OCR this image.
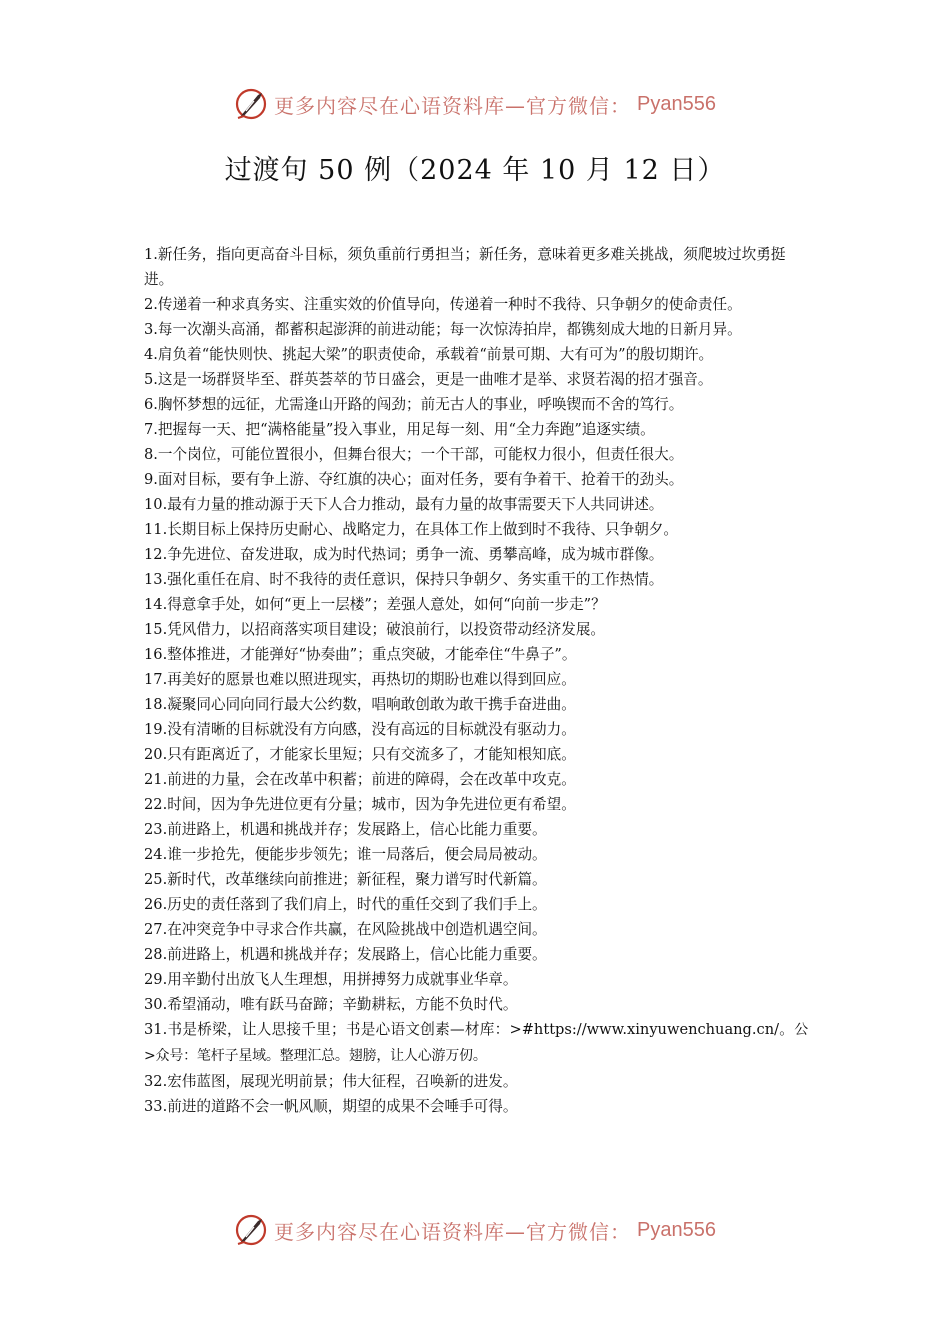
更多内容尽在心语资料库—官方微信： Pyan556
过渡句 50 例（2024 年 10 月 12 日）

1.新任务，指向更高奋斗目标，须负重前行勇担当；新任务，意味着更多难关挑战，须爬坡过坎勇挺进。

2.传递着一种求真务实、注重实效的价值导向，传递着一种时不我待、只争朝夕的使命责任。

3.每一次潮头高涌，都蓄积起澎湃的前进动能；每一次惊涛拍岸，都镌刻成大地的日新月异。

4.肩负着“能快则快、挑起大梁”的职责使命，承载着“前景可期、大有可为”的殷切期许。

5.这是一场群贤毕至、群英荟萃的节日盛会，更是一曲唯才是举、求贤若渴的招才强音。

6.胸怀梦想的远征，尤需逢山开路的闯劲；前无古人的事业，呼唤锲而不舍的笃行。

7.把握每一天、把“满格能量”投入事业，用足每一刻、用“全力奔跑”追逐实绩。

8.一个岗位，可能位置很小，但舞台很大；一个干部，可能权力很小，但责任很大。

9.面对目标，要有争上游、夺红旗的决心；面对任务，要有争着干、抢着干的劲头。

10.最有力量的推动源于天下人合力推动，最有力量的故事需要天下人共同讲述。

11.长期目标上保持历史耐心、战略定力，在具体工作上做到时不我待、只争朝夕。

12.争先进位、奋发进取，成为时代热词；勇争一流、勇攀高峰，成为城市群像。

13.强化重任在肩、时不我待的责任意识，保持只争朝夕、务实重干的工作热情。

14.得意拿手处，如何“更上一层楼”；差强人意处，如何“向前一步走”？

15.凭风借力，以招商落实项目建设；破浪前行，以投资带动经济发展。

16.整体推进，才能弹好“协奏曲”；重点突破，才能牵住“牛鼻子”。

17.再美好的愿景也难以照进现实，再热切的期盼也难以得到回应。

18.凝聚同心同向同行最大公约数，唱响敢创敢为敢干携手奋进曲。

19.没有清晰的目标就没有方向感，没有高远的目标就没有驱动力。

20.只有距离近了，才能家长里短；只有交流多了，才能知根知底。

21.前进的力量，会在改革中积蓄；前进的障碍，会在改革中攻克。

22.时间，因为争先进位更有分量；城市，因为争先进位更有希望。

23.前进路上，机遇和挑战并存；发展路上，信心比能力重要。

24.谁一步抢先，便能步步领先；谁一局落后，便会局局被动。

25.新时代，改革继续向前推进；新征程，聚力谱写时代新篇。

26.历史的责任落到了我们肩上，时代的重任交到了我们手上。

27.在冲突竞争中寻求合作共赢，在风险挑战中创造机遇空间。

28.前进路上，机遇和挑战并存；发展路上，信心比能力重要。

29.用辛勤付出放飞人生理想，用拼搏努力成就事业华章。

30.希望涌动，唯有跃马奋蹄；辛勤耕耘，方能不负时代。

31.书是桥梁，让人思接千里；书是心语文创素—材库：>#https://www.xinyuwenchuang.cn/。公>众号：笔杆子星域。整理汇总。翅膀，让人心游万仞。

32.宏伟蓝图，展现光明前景；伟大征程，召唤新的进发。

33.前进的道路不会一帆风顺，期望的成果不会唾手可得。

更多内容尽在心语资料库—官方微信： Pyan556
